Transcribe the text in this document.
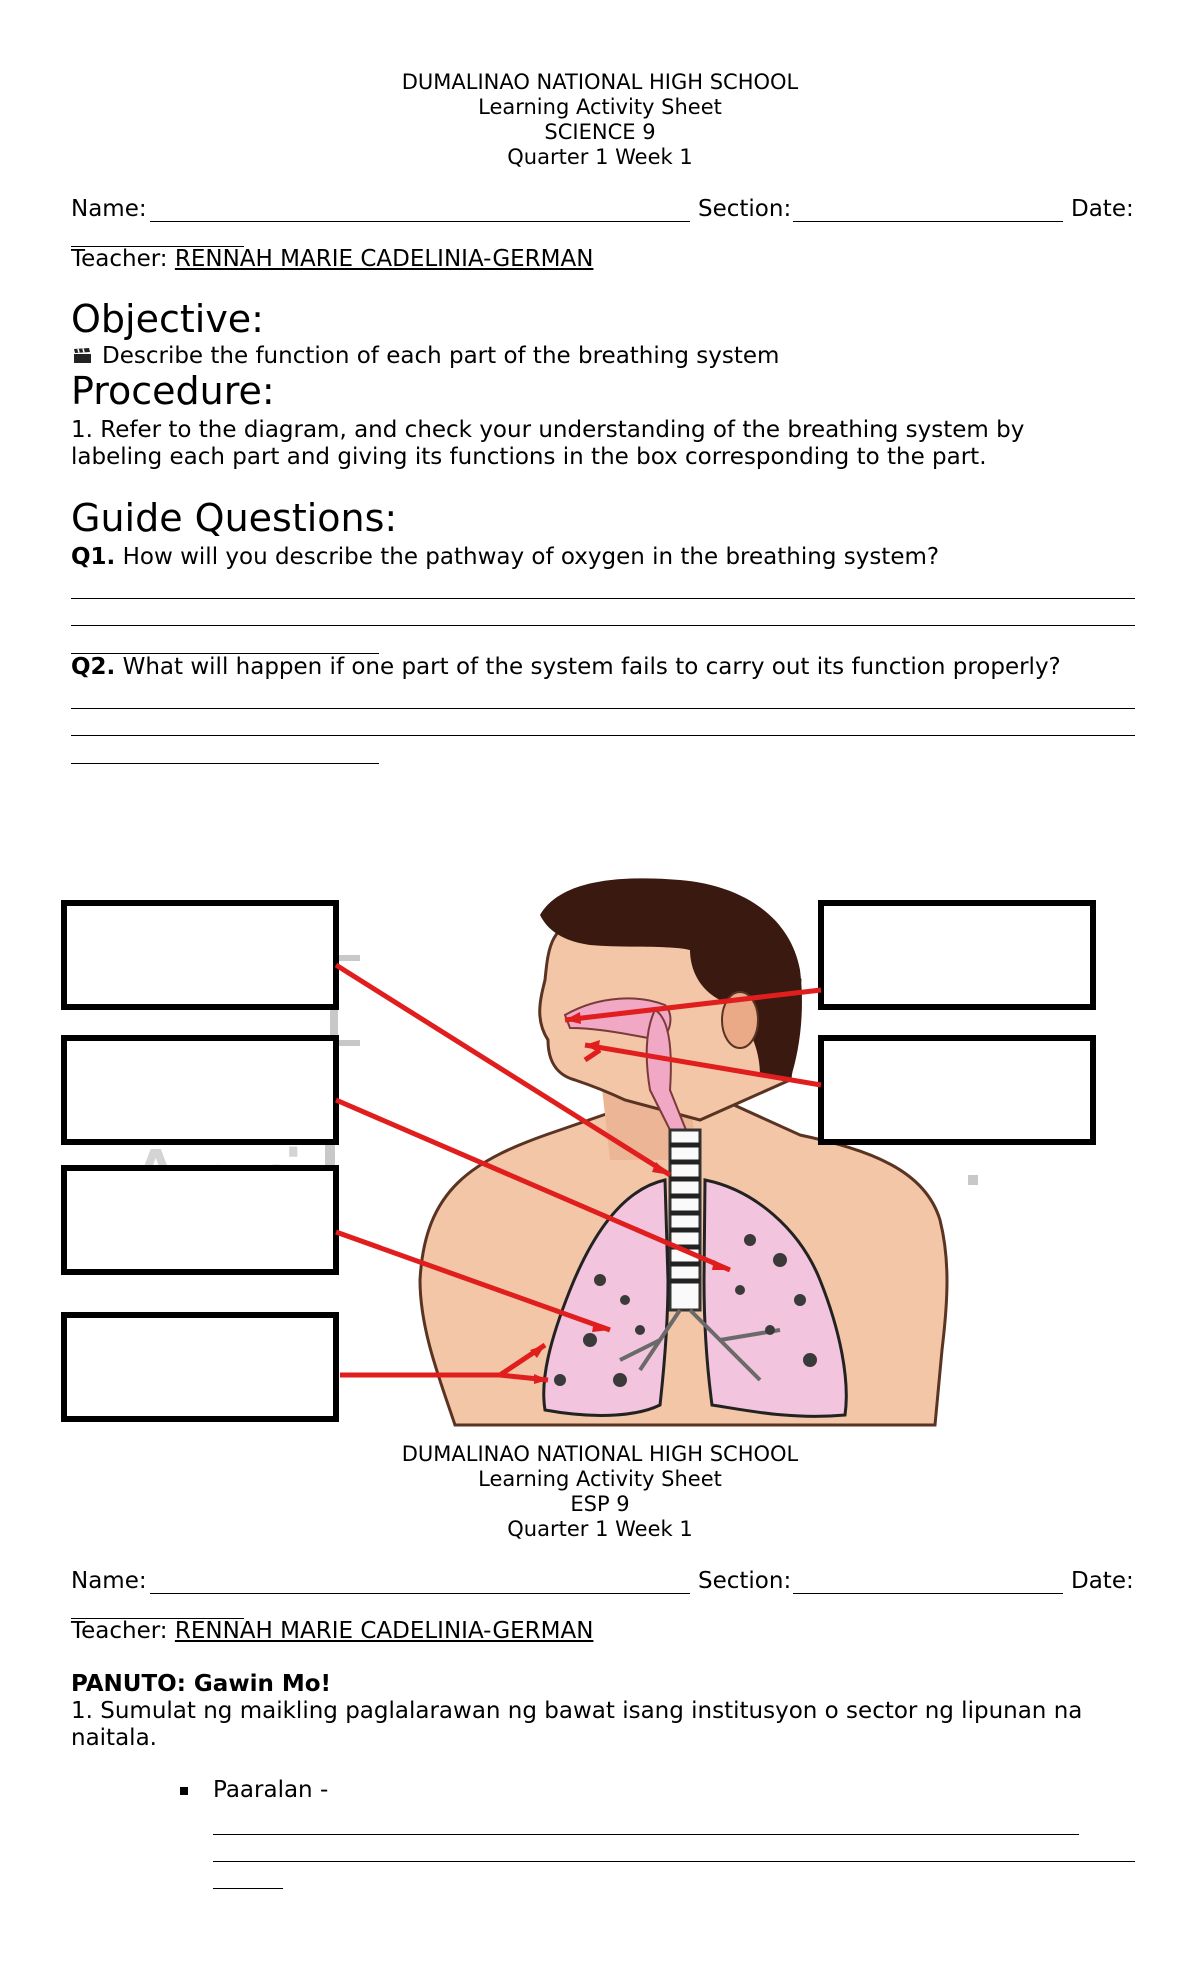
DUMALINAO NATIONAL HIGH SCHOOL
Learning Activity Sheet
SCIENCE 9
Quarter 1 Week 1
Name:	Section:	Date:
Teacher: RENNAH MARIE CADELINIA-GERMAN
Objective:
Describe the function of each part of the breathing system
Procedure:
1. Refer to the diagram, and check your understanding of the breathing system by
labeling each part and giving its functions in the box corresponding to the part.
Guide Questions:
Q1. How will you describe the pathway of oxygen in the breathing system?
Q2. What will happen if one part of the system fails to carry out its function properly?
DUMALINAO NATIONAL HIGH SCHOOL
Learning Activity Sheet
ESP 9
Quarter 1 Week 1
Name:	Section:	Date:
Teacher: RENNAH MARIE CADELINIA-GERMAN
PANUTO: Gawin Mo!
1. Sumulat ng maikling paglalarawan ng bawat isang institusyon o sector ng lipunan na
naitala.
Paaralan -
